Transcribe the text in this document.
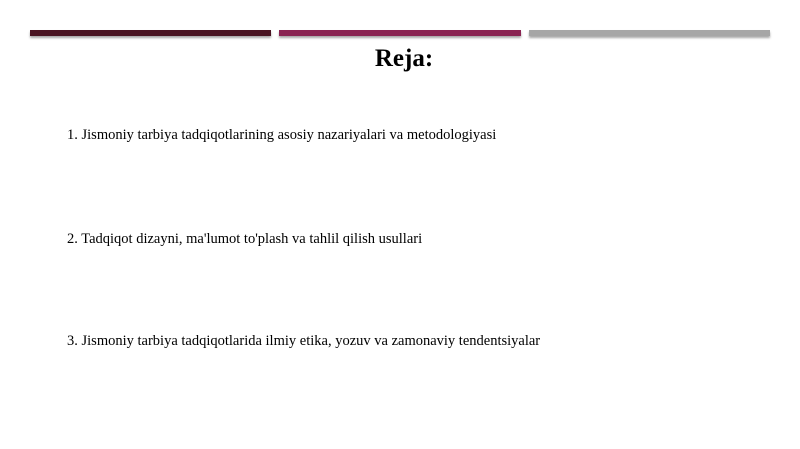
Reja:
1. Jismoniy tarbiya tadqiqotlarining asosiy nazariyalari va metodologiyasi
2. Tadqiqot dizayni, ma'lumot to'plash va tahlil qilish usullari
3. Jismoniy tarbiya tadqiqotlarida ilmiy etika, yozuv va zamonaviy tendentsiyalar
